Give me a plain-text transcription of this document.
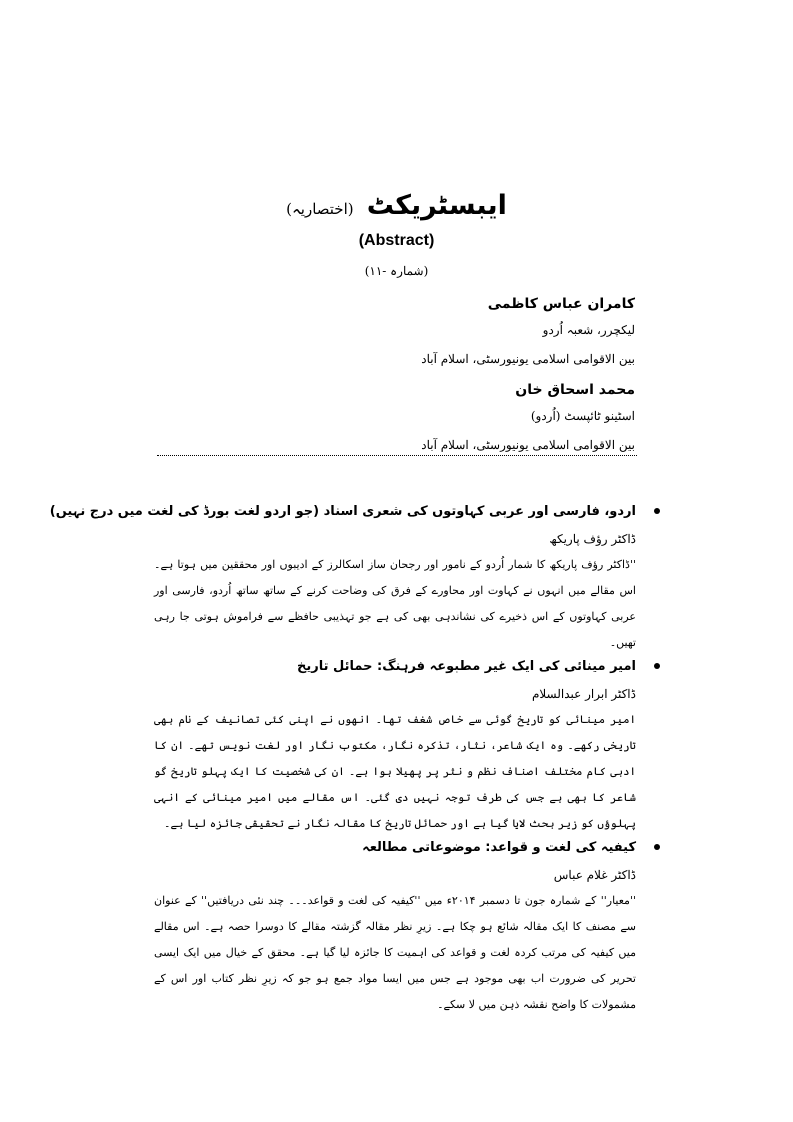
ایبسٹریکٹ (اختصاریہ)
(Abstract)
(شمارہ -۱۱)
کامران عباس کاظمی
لیکچرر، شعبہ اُردو
بین الاقوامی اسلامی یونیورسٹی، اسلام آباد
محمد اسحاق خان
اسٹینو ٹائپسٹ (اُردو)
بین الاقوامی اسلامی یونیورسٹی، اسلام آباد
اردو، فارسی اور عربی کہاوتوں کی شعری اسناد (جو اردو لغت بورڈ کی لغت میں درج نہیں)
ڈاکٹر رؤف پاریکھ
''ڈاکٹر رؤف پاریکھ کا شمار اُردو کے نامور اور رجحان ساز اسکالرز کے ادیبوں اور محققین میں ہوتا ہے۔ اس مقالے میں انہوں نے کہاوت اور محاورے کے فرق کی وضاحت کرنے کے ساتھ ساتھ اُردو، فارسی اور عربی کہاوتوں کے اس ذخیرے کی نشاندہی بھی کی ہے جو تہذیبی حافظے سے فراموش ہوتی جا رہی تھیں۔
امیر مینائی کی ایک غیر مطبوعہ فرہنگ: حمائل تاریخ
ڈاکٹر ابرار عبدالسلام
امیر مینائی کو تاریخ گوئی سے خاص شغف تھا۔ انھوں نے اپنی کئی تصانیف کے نام بھی تاریخی رکھے۔ وہ ایک شاعر، نثار، تذکرہ نگار، مکتوب نگار اور لغت نویس تھے۔ ان کا ادبی کام مختلف اصناف نظم و نثر پر پھیلا ہوا ہے۔ ان کی شخصیت کا ایک پہلو تاریخ گو شاعر کا بھی ہے جس کی طرف توجہ نہیں دی گئی۔ اس مقالے میں امیر مینائی کے انہی پہلوؤں کو زیر بحث لایا گیا ہے اور حمائل تاریخ کا مقالہ نگار نے تحقیقی جائزہ لیا ہے۔
کیفیہ کی لغت و قواعد: موضوعاتی مطالعہ
ڈاکٹر غلام عباس
''معیار'' کے شمارہ جون تا دسمبر ۲۰۱۴ء میں ''کیفیہ کی لغت و قواعد۔۔۔ چند نئی دریافتیں'' کے عنوان سے مصنف کا ایک مقالہ شائع ہو چکا ہے۔ زیرِ نظر مقالہ گزشتہ مقالے کا دوسرا حصہ ہے۔ اس مقالے میں کیفیہ کی مرتب کردہ لغت و قواعد کی اہمیت کا جائزہ لیا گیا ہے۔ محقق کے خیال میں ایک ایسی تحریر کی ضرورت اب بھی موجود ہے جس میں ایسا مواد جمع ہو جو کہ زیرِ نظر کتاب اور اس کے مشمولات کا واضح نقشہ ذہن میں لا سکے۔
